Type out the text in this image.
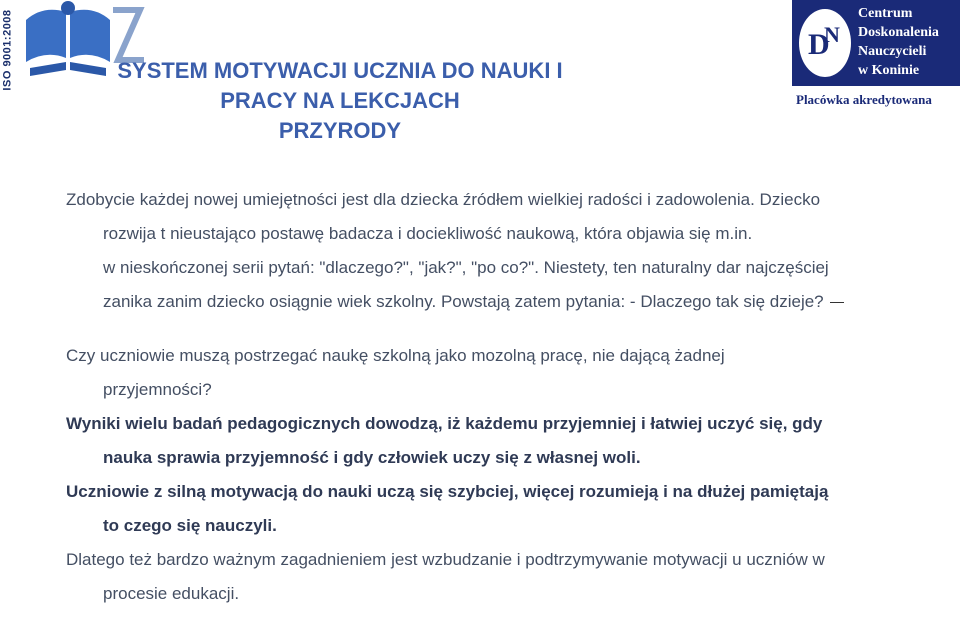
ISO 9001:2008	SYSTEM MOTYWACJI UCZNIA DO NAUKI I PRACY NA LEKCJACH
PRZYRODY
D
N
Centrum
Doskonalenia
Nauczycieli
w Koninie
Placówka akredytowana

Zdobycie każdej nowej umiejętności jest dla dziecka źródłem wielkiej radości i zadowolenia. Dziecko
rozwija t nieustająco postawę badacza i dociekliwość naukową, która objawia się m.in.
w nieskończonej serii pytań: "dlaczego?", "jak?", "po co?". Niestety, ten naturalny dar najczęściej
zanika zanim dziecko osiągnie wiek szkolny. Powstają zatem pytania: - Dlaczego tak się dzieje?

Czy uczniowie muszą postrzegać naukę szkolną jako mozolną pracę, nie dającą żadnej
przyjemności?

Wyniki wielu badań pedagogicznych dowodzą, iż każdemu przyjemniej i łatwiej uczyć się, gdy
nauka sprawia przyjemność i gdy człowiek uczy się z własnej woli.

Uczniowie z silną motywacją do nauki uczą się szybciej, więcej rozumieją i na dłużej pamiętają
to czego się nauczyli.

Dlatego też bardzo ważnym zagadnieniem jest wzbudzanie i podtrzymywanie motywacji u uczniów w
procesie edukacji.
